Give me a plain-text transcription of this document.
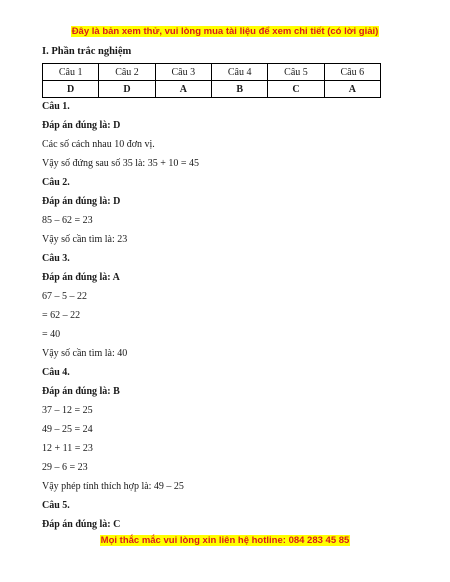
Đây là bản xem thử, vui lòng mua tài liệu để xem chi tiết (có lời giải)
I. Phần trắc nghiệm
Câu 1	Câu 2	Câu 3	Câu 4	Câu 5	Câu 6
D	D	A	B	C	A
Câu 1.
Đáp án đúng là: D
Các số cách nhau 10 đơn vị.
Vậy số đứng sau số 35 là: 35 + 10 = 45
Câu 2.
Đáp án đúng là: D
85 – 62 = 23
Vậy số cần tìm là: 23
Câu 3.
Đáp án đúng là: A
67 – 5 – 22
= 62 – 22
= 40
Vậy số cần tìm là: 40
Câu 4.
Đáp án đúng là: B
37 – 12 = 25
49 – 25 = 24
12 + 11 = 23
29 – 6 = 23
Vậy phép tính thích hợp là: 49 – 25
Câu 5.
Đáp án đúng là: C
Mọi thắc mắc vui lòng xin liên hệ hotline: 084 283 45 85
